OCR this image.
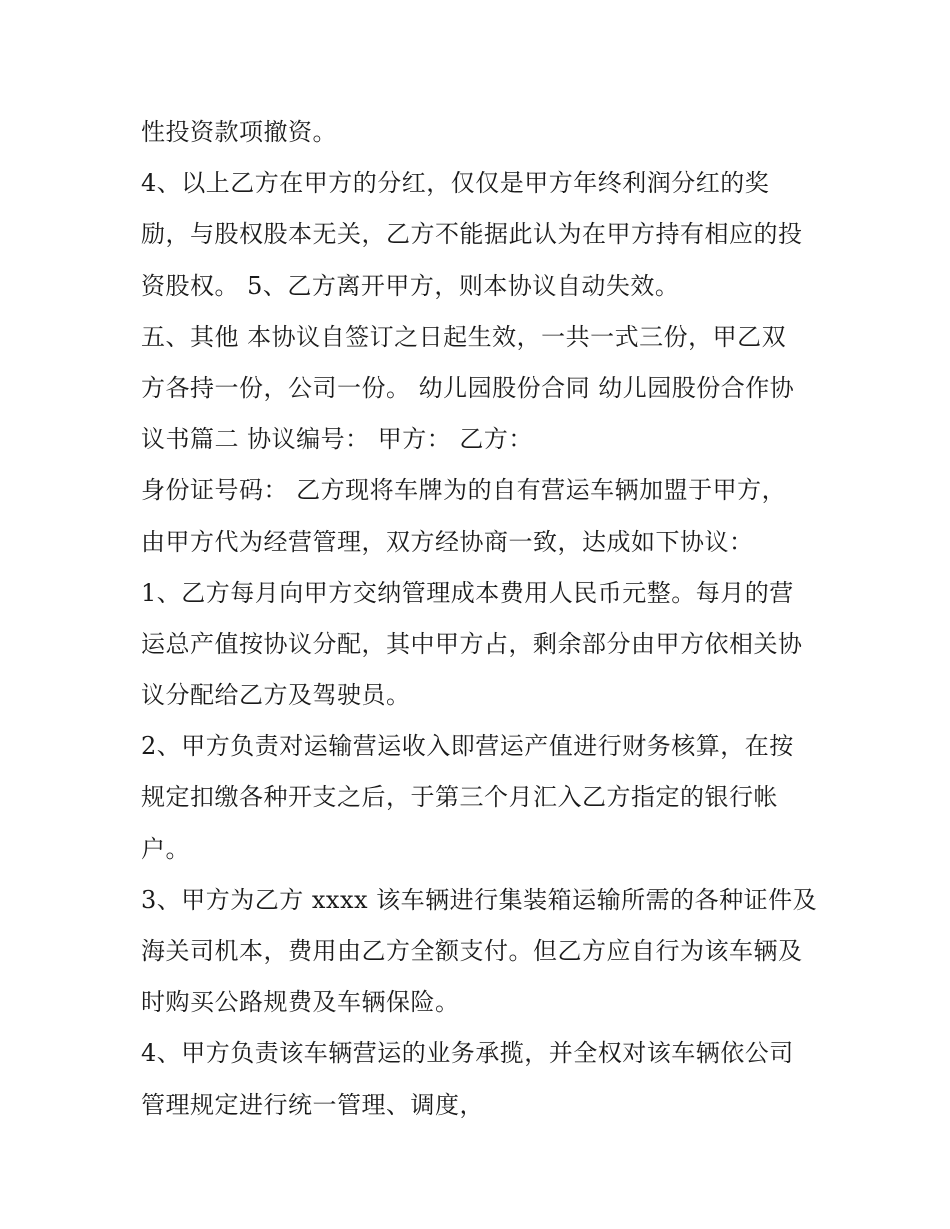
性投资款项撤资。
4、以上乙方在甲方的分红，仅仅是甲方年终利润分红的奖
励，与股权股本无关，乙方不能据此认为在甲方持有相应的投
资股权。 5、乙方离开甲方，则本协议自动失效。
五、其他 本协议自签订之日起生效，一共一式三份，甲乙双
方各持一份，公司一份。 幼儿园股份合同 幼儿园股份合作协
议书篇二 协议编号： 甲方： 乙方：
身份证号码： 乙方现将车牌为的自有营运车辆加盟于甲方，
由甲方代为经营管理，双方经协商一致，达成如下协议：
1、乙方每月向甲方交纳管理成本费用人民币元整。每月的营
运总产值按协议分配，其中甲方占，剩余部分由甲方依相关协
议分配给乙方及驾驶员。
2、甲方负责对运输营运收入即营运产值进行财务核算，在按
规定扣缴各种开支之后，于第三个月汇入乙方指定的银行帐
户。
3、甲方为乙方 xxxx 该车辆进行集装箱运输所需的各种证件及
海关司机本，费用由乙方全额支付。但乙方应自行为该车辆及
时购买公路规费及车辆保险。
4、甲方负责该车辆营运的业务承揽，并全权对该车辆依公司
管理规定进行统一管理、调度，
